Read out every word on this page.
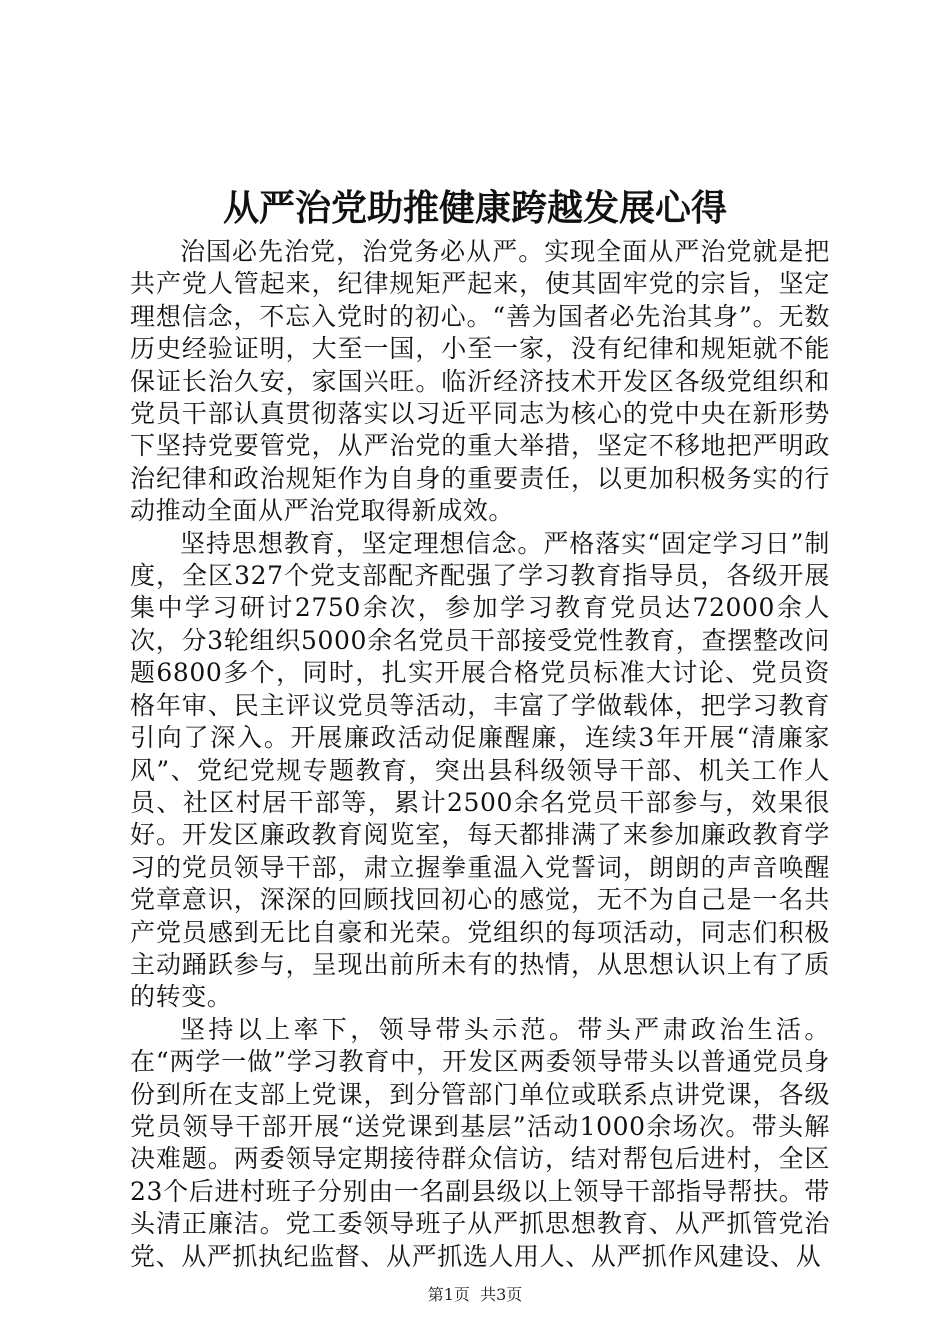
从严治党助推健康跨越发展心得

治国必先治党，治党务必从严。实现全面从严治党就是把共产党人管起来，纪律规矩严起来，使其固牢党的宗旨，坚定理想信念，不忘入党时的初心。“善为国者必先治其身”。无数历史经验证明，大至一国，小至一家，没有纪律和规矩就不能保证长治久安，家国兴旺。临沂经济技术开发区各级党组织和党员干部认真贯彻落实以习近平同志为核心的党中央在新形势下坚持党要管党，从严治党的重大举措，坚定不移地把严明政治纪律和政治规矩作为自身的重要责任，以更加积极务实的行动推动全面从严治党取得新成效。

坚持思想教育，坚定理想信念。严格落实“固定学习日”制度，全区327个党支部配齐配强了学习教育指导员，各级开展集中学习研讨2750余次，参加学习教育党员达72000余人次，分3轮组织5000余名党员干部接受党性教育，查摆整改问题6800多个，同时，扎实开展合格党员标准大讨论、党员资格年审、民主评议党员等活动，丰富了学做载体，把学习教育引向了深入。开展廉政活动促廉醒廉，连续3年开展“清廉家风”、党纪党规专题教育，突出县科级领导干部、机关工作人员、社区村居干部等，累计2500余名党员干部参与，效果很好。开发区廉政教育阅览室，每天都排满了来参加廉政教育学习的党员领导干部，肃立握拳重温入党誓词，朗朗的声音唤醒党章意识，深深的回顾找回初心的感觉，无不为自己是一名共产党员感到无比自豪和光荣。党组织的每项活动，同志们积极主动踊跃参与，呈现出前所未有的热情，从思想认识上有了质的转变。

坚持以上率下，领导带头示范。带头严肃政治生活。在“两学一做”学习教育中，开发区两委领导带头以普通党员身份到所在支部上党课，到分管部门单位或联系点讲党课，各级党员领导干部开展“送党课到基层”活动1000余场次。带头解决难题。两委领导定期接待群众信访，结对帮包后进村，全区23个后进村班子分别由一名副县级以上领导干部指导帮扶。带头清正廉洁。党工委领导班子从严抓思想教育、从严抓管党治党、从严抓执纪监督、从严抓选人用人、从严抓作风建设、从

第1页 共3页
